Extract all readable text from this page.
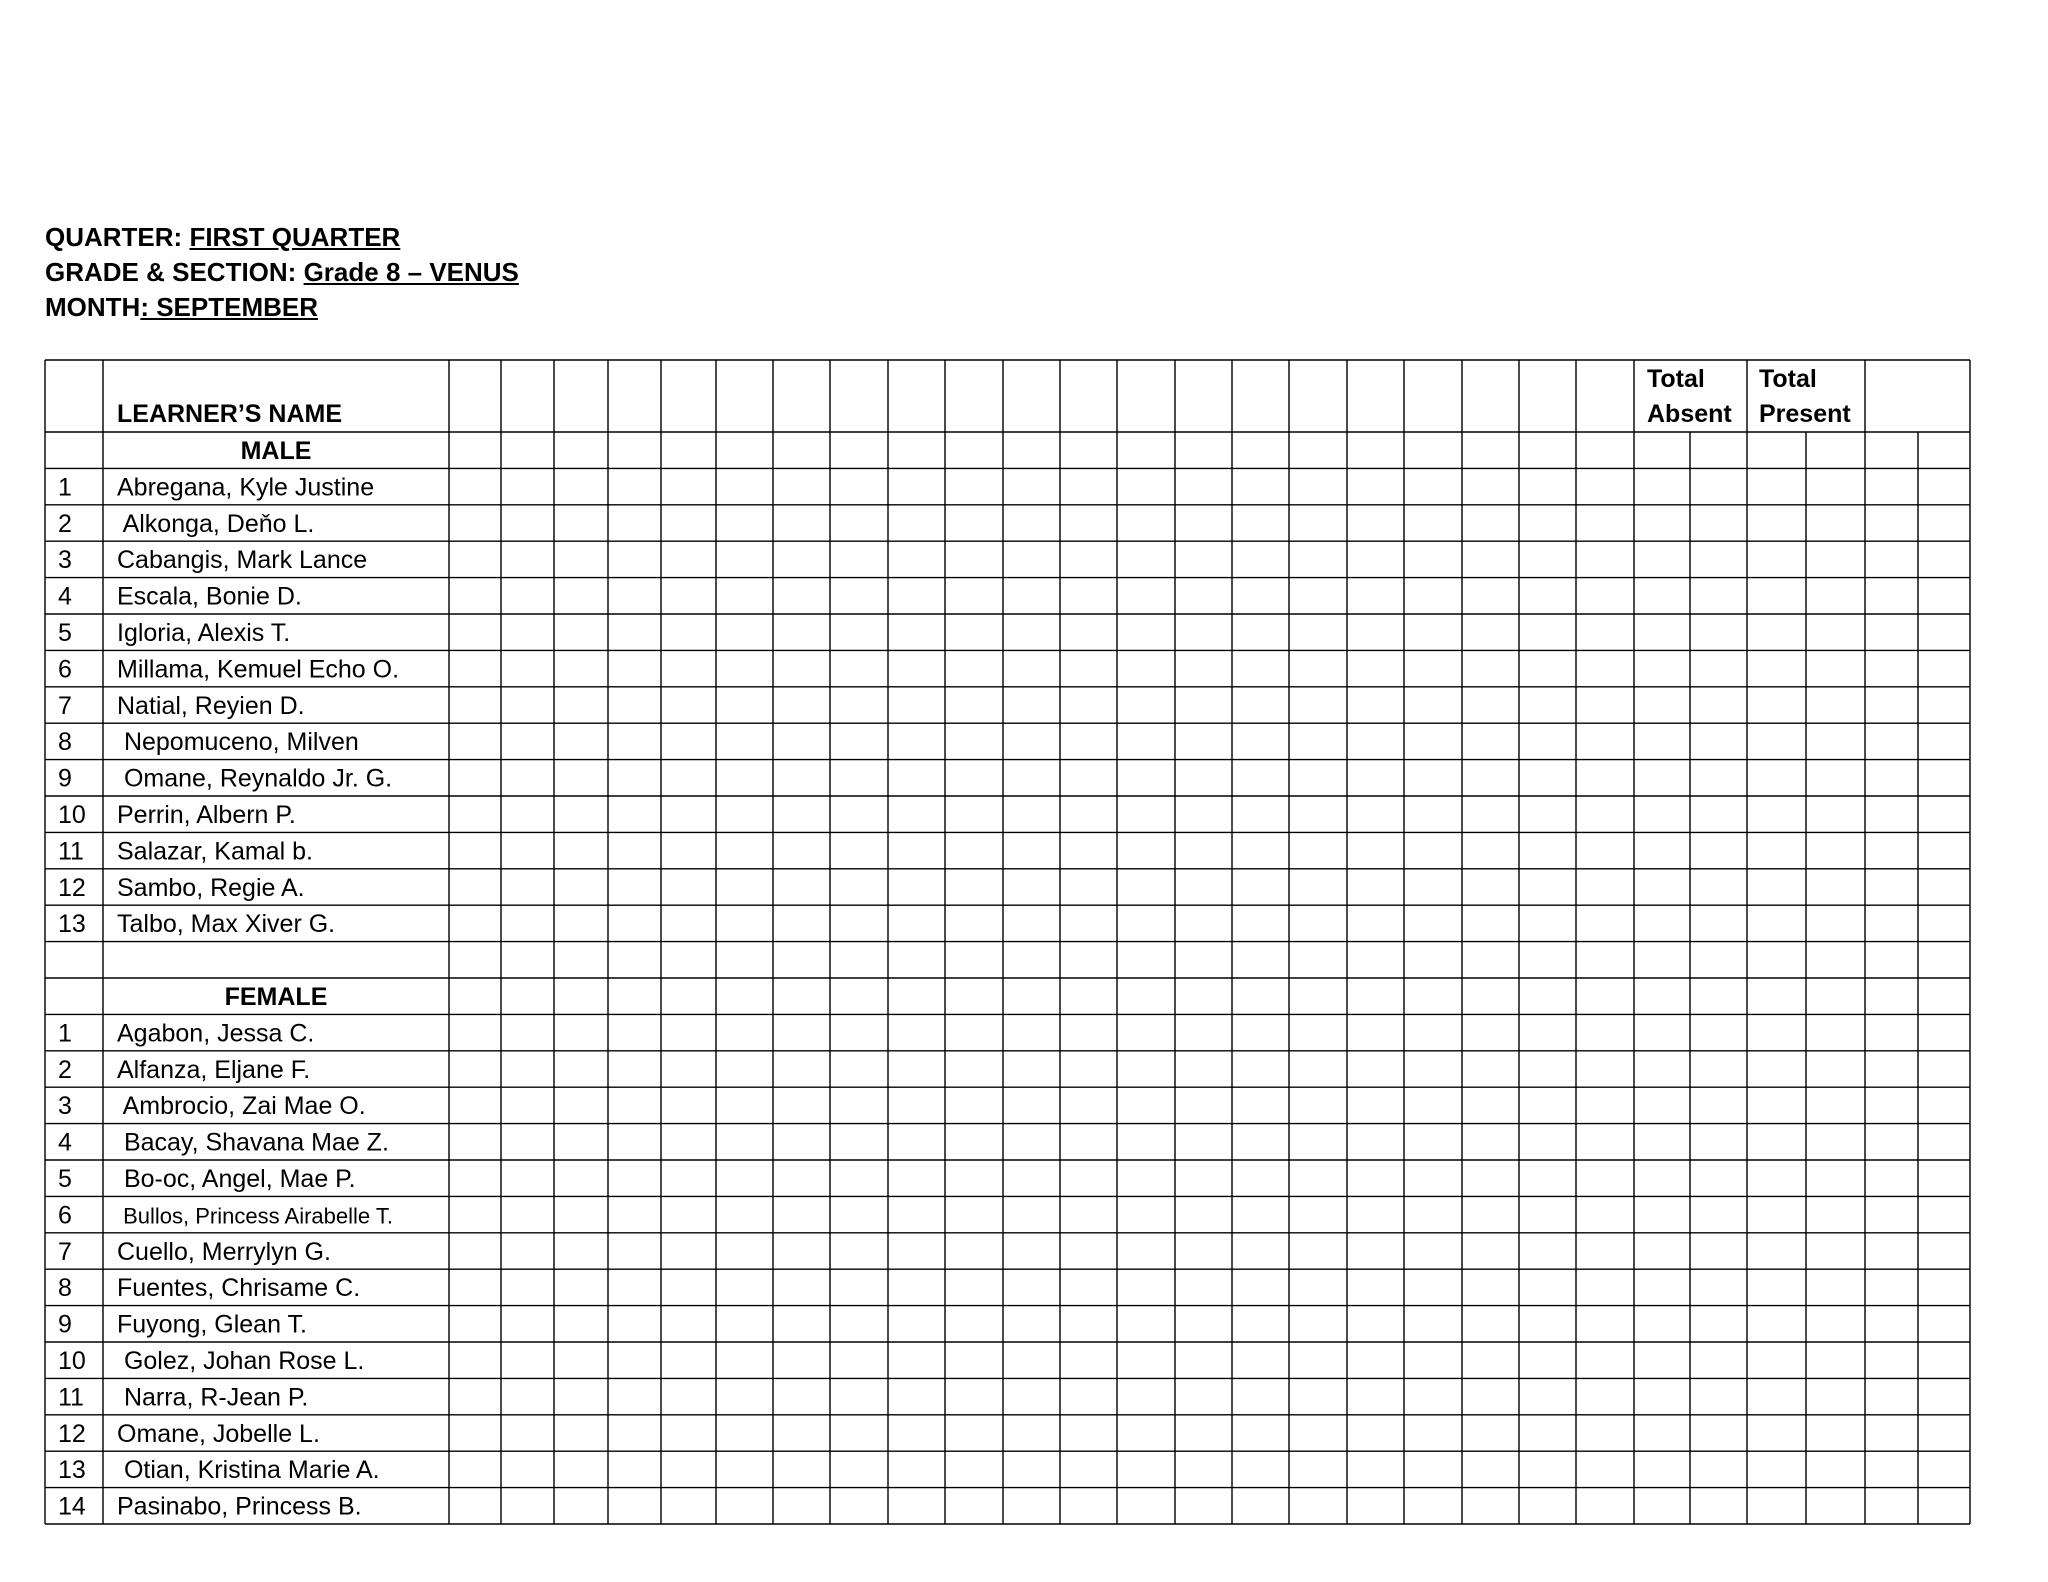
QUARTER: FIRST QUARTER
GRADE & SECTION: Grade 8 – VENUS
MONTH: SEPTEMBER
LEARNER’S NAME
Total
Absent
Total
Present
MALE
1 Abregana, Kyle Justine
2 Alkonga, Deňo L.
3 Cabangis, Mark Lance
4 Escala, Bonie D.
5 Igloria, Alexis T.
6 Millama, Kemuel Echo O.
7 Natial, Reyien D.
8 Nepomuceno, Milven
9 Omane, Reynaldo Jr. G.
10 Perrin, Albern P.
11 Salazar, Kamal b.
12 Sambo, Regie A.
13 Talbo, Max Xiver G.
FEMALE
1 Agabon, Jessa C.
2 Alfanza, Eljane F.
3 Ambrocio, Zai Mae O.
4 Bacay, Shavana Mae Z.
5 Bo-oc, Angel, Mae P.
6 Bullos, Princess Airabelle T.
7 Cuello, Merrylyn G.
8 Fuentes, Chrisame C.
9 Fuyong, Glean T.
10 Golez, Johan Rose L.
11 Narra, R-Jean P.
12 Omane, Jobelle L.
13 Otian, Kristina Marie A.
14 Pasinabo, Princess B.
